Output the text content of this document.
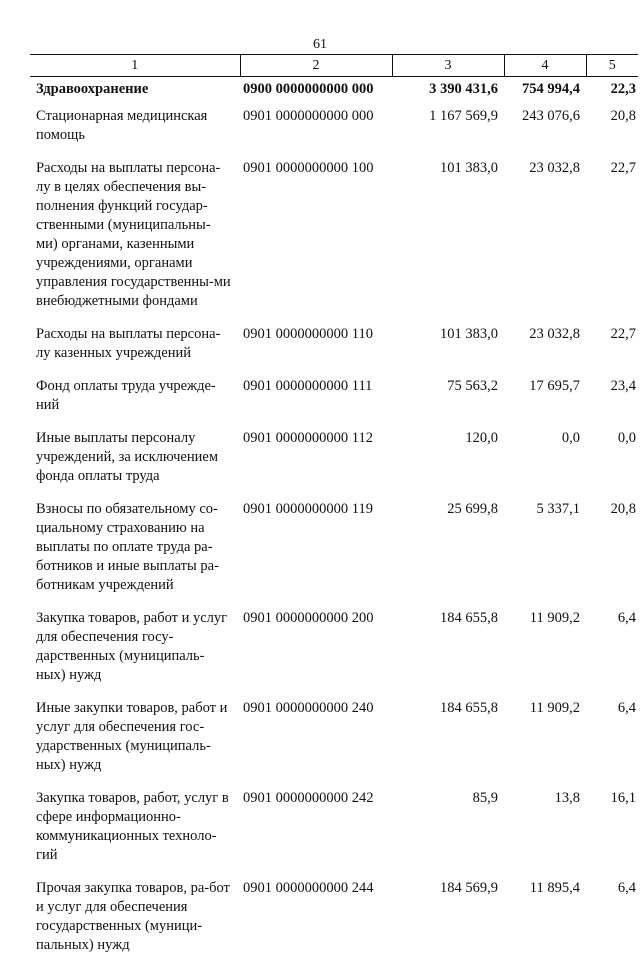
61
1	2	3	4	5
Здравоохранение	0900 0000000000 000	3 390 431,6	754 994,4	22,3
Стационарная медицинская помощь	0901 0000000000 000	1 167 569,9	243 076,6	20,8
Расходы на выплаты персона-лу в целях обеспечения вы-полнения функций государ-ственными (муниципальны-ми) органами, казенными учреждениями, органами управления государственны-ми внебюджетными фондами	0901 0000000000 100	101 383,0	23 032,8	22,7
Расходы на выплаты персона-лу казенных учреждений	0901 0000000000 110	101 383,0	23 032,8	22,7
Фонд оплаты труда учрежде-ний	0901 0000000000 111	75 563,2	17 695,7	23,4
Иные выплаты персоналу учреждений, за исключением фонда оплаты труда	0901 0000000000 112	120,0	0,0	0,0
Взносы по обязательному со-циальному страхованию на выплаты по оплате труда ра-ботников и иные выплаты ра-ботникам учреждений	0901 0000000000 119	25 699,8	5 337,1	20,8
Закупка товаров, работ и услуг для обеспечения госу-дарственных (муниципаль-ных) нужд	0901 0000000000 200	184 655,8	11 909,2	6,4
Иные закупки товаров, работ и услуг для обеспечения гос-ударственных (муниципаль-ных) нужд	0901 0000000000 240	184 655,8	11 909,2	6,4
Закупка товаров, работ, услуг в сфере информационно-коммуникационных техноло-гий	0901 0000000000 242	85,9	13,8	16,1
Прочая закупка товаров, ра-бот и услуг для обеспечения государственных (муници-пальных) нужд	0901 0000000000 244	184 569,9	11 895,4	6,4
